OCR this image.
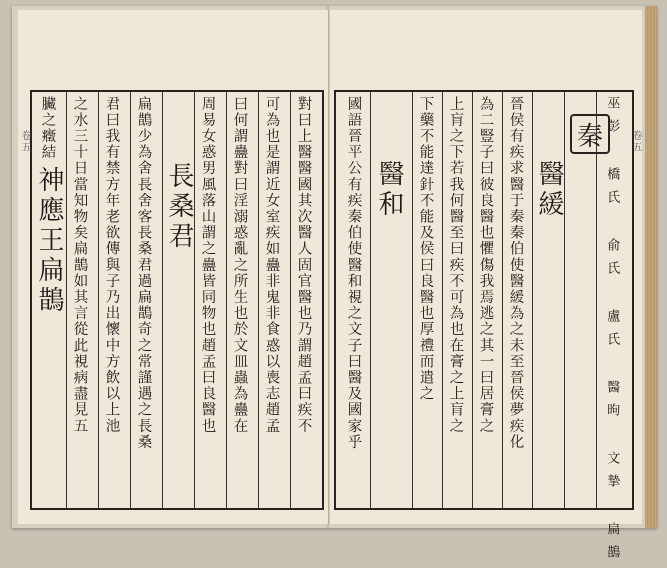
對曰上醫醫國其次醫人固官醫也乃謂趙孟曰疾不
可為也是謂近女室疾如蠱非鬼非食惑以喪志趙孟
曰何謂蠱對曰淫溺惑亂之所生也於文皿蟲為蠱在
周易女惑男風落山謂之蠱皆同物也趙孟曰良醫也
長桑君
扁鵲少為舍長舍客長桑君過扁鵲奇之常謹遇之長桑
君曰我有禁方年老欲傳與子乃出懷中方飲以上池
之水三十日當知物矣扁鵲如其言從此視病盡見五
臟之癥結
神應王扁鵲
卷五	巫彭 橋氏 俞氏 盧氏 醫昫 文摯 扁鵲
秦
醫緩
晉侯有疾求醫于秦秦伯使醫緩為之未至晉侯夢疾化
為二豎子曰彼良醫也懼傷我焉逃之其一曰居膏之
上肓之下若我何醫至曰疾不可為也在膏之上肓之
下藥不能達針不能及侯曰良醫也厚禮而遣之
醫和
國語晉平公有疾秦伯使醫和視之文子曰醫及國家乎	卷五
